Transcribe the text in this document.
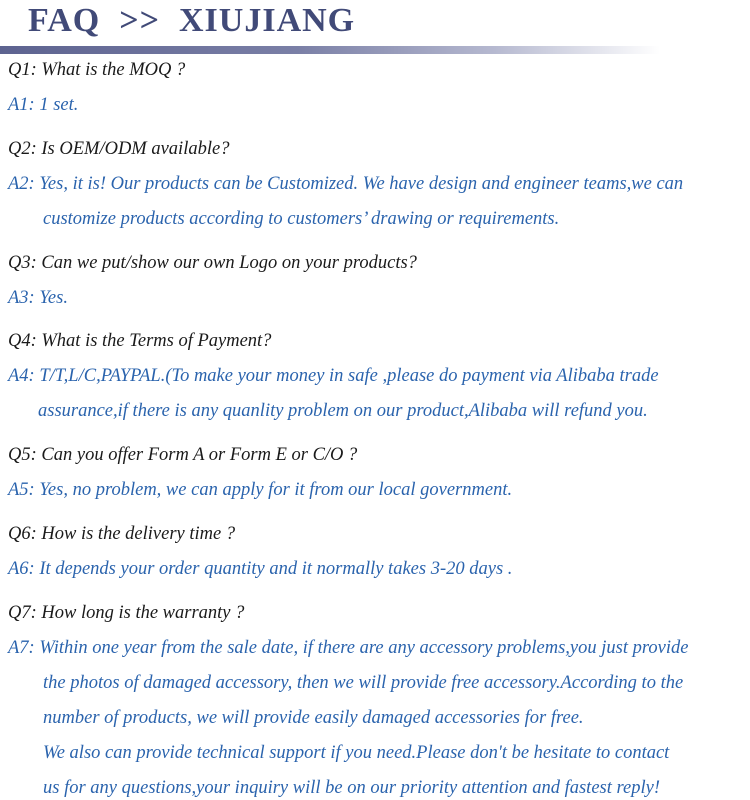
FAQ  >>  XIUJIANG
Q1: What is the MOQ ?
A1: 1 set.
Q2: Is OEM/ODM available?
A2: Yes, it is! Our products can be Customized. We have design and engineer teams,we can
customize products according to customers’ drawing or requirements.
Q3: Can we put/show our own Logo on your products?
A3: Yes.
Q4: What is the Terms of Payment?
A4: T/T,L/C,PAYPAL.(To make your money in safe ,please do payment via Alibaba trade
assurance,if there is any quanlity problem on our product,Alibaba will refund you.
Q5: Can you offer Form A or Form E or C/O ?
A5: Yes, no problem, we can apply for it from our local government.
Q6: How is the delivery time ?
A6: It depends your order quantity and it normally takes 3-20 days .
Q7: How long is the warranty ?
A7: Within one year from the sale date, if there are any accessory problems,you just provide
the photos of damaged accessory, then we will provide free accessory.According to the
number of products, we will provide easily damaged accessories for free.
We also can provide technical support if you need.Please don't be hesitate to contact
us for any questions,your inquiry will be on our priority attention and fastest reply!
